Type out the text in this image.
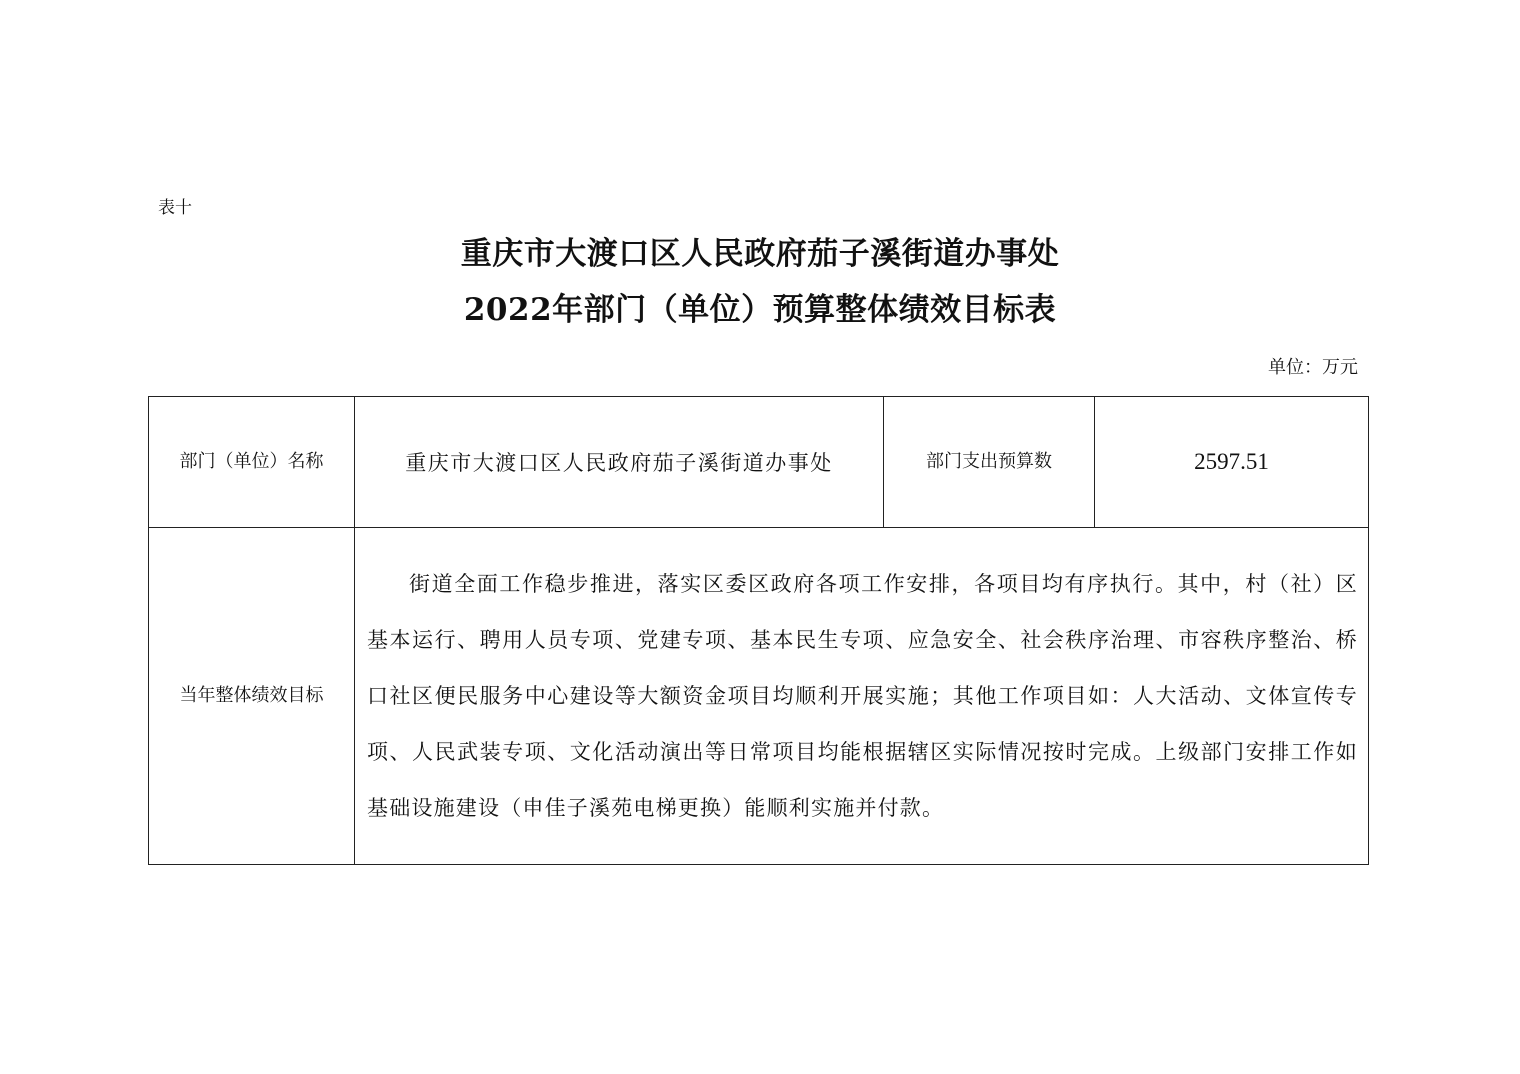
表十
重庆市大渡口区人民政府茄子溪街道办事处
2022年部门（单位）预算整体绩效目标表
单位：万元
部门（单位）名称	重庆市大渡口区人民政府茄子溪街道办事处	部门支出预算数	2597.51
当年整体绩效目标	街道全面工作稳步推进，落实区委区政府各项工作安排，各项目均有序执行。其中，村（社）区基本运行、聘用人员专项、党建专项、基本民生专项、应急安全、社会秩序治理、市容秩序整治、桥口社区便民服务中心建设等大额资金项目均顺利开展实施；其他工作项目如：人大活动、文体宣传专项、人民武装专项、文化活动演出等日常项目均能根据辖区实际情况按时完成。上级部门安排工作如基础设施建设（申佳子溪苑电梯更换）能顺利实施并付款。		
